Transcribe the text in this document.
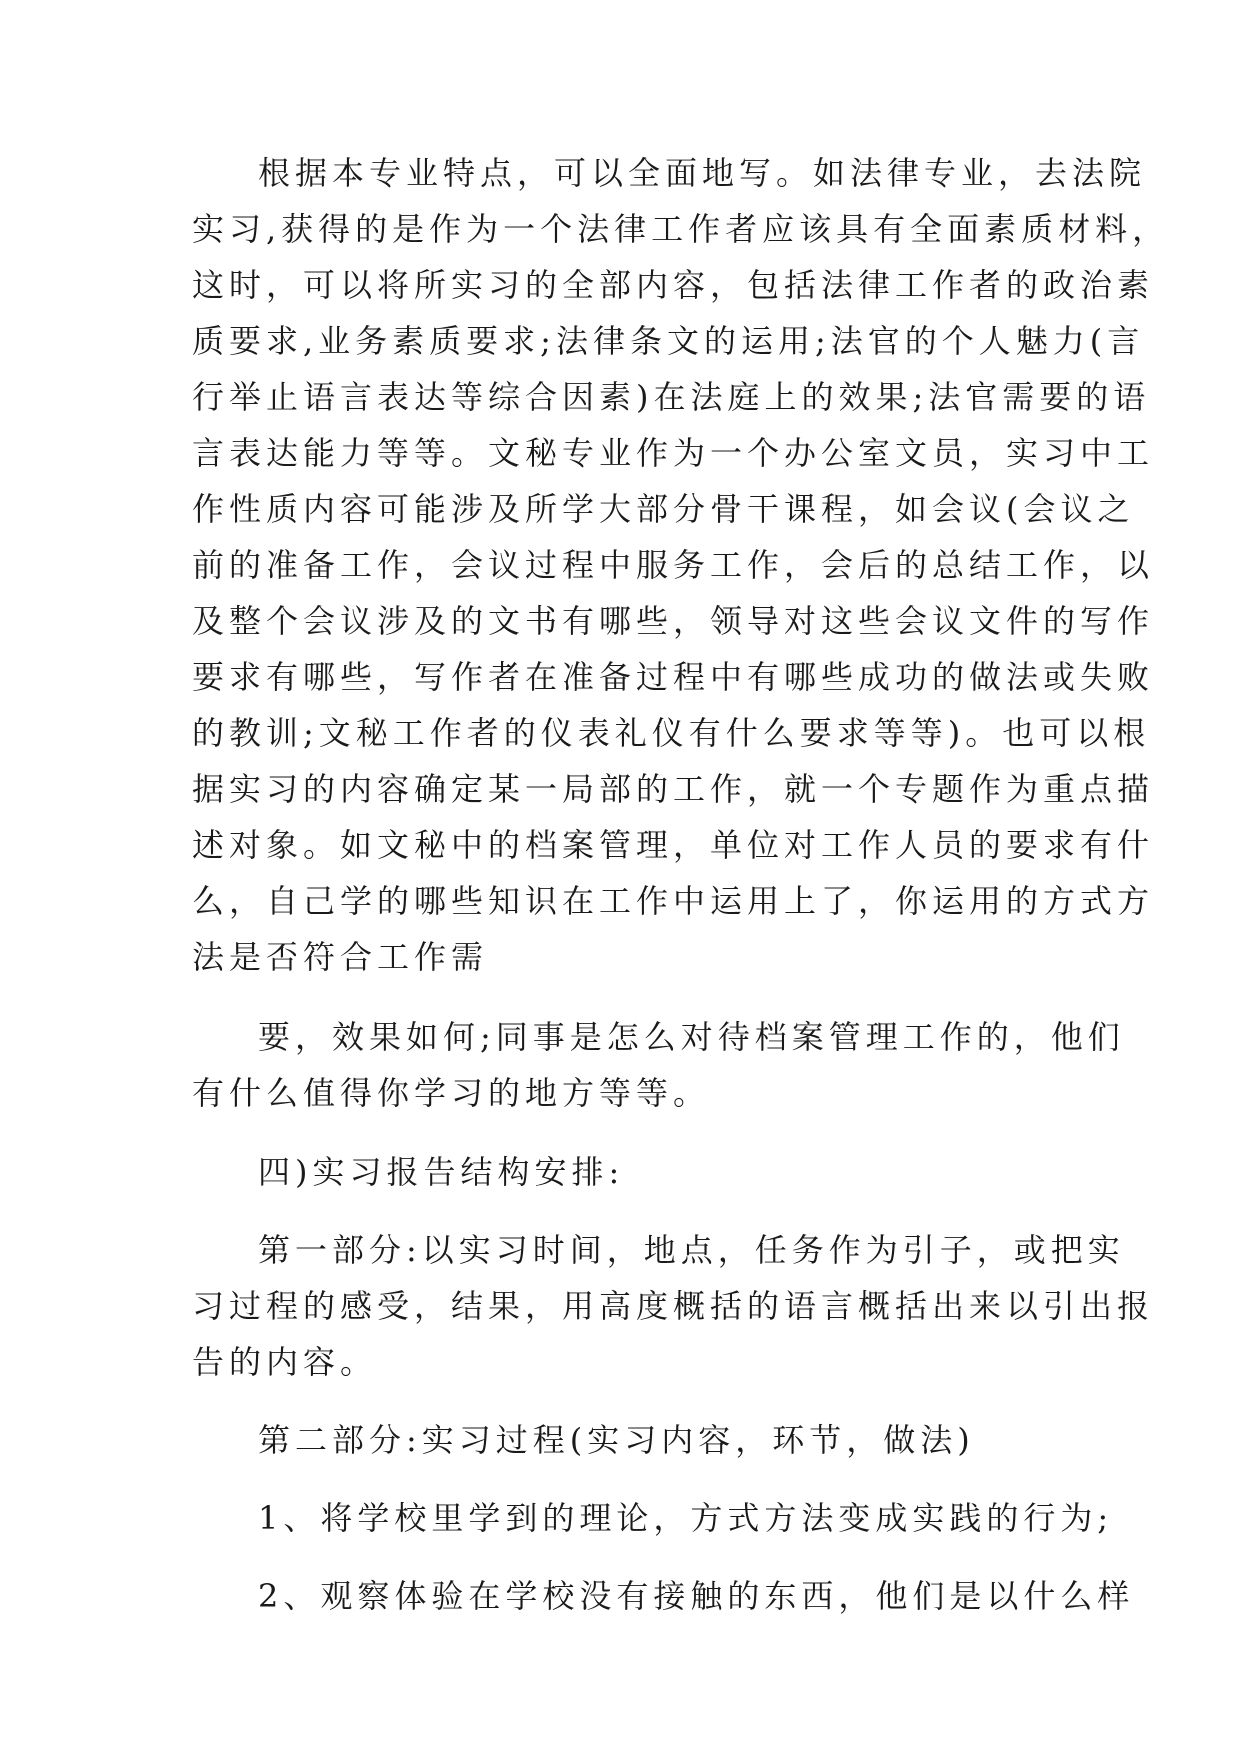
根据本专业特点，可以全面地写。如法律专业，去法院

实习,获得的是作为一个法律工作者应该具有全面素质材料，

这时，可以将所实习的全部内容，包括法律工作者的政治素

质要求,业务素质要求;法律条文的运用;法官的个人魅力(言

行举止语言表达等综合因素)在法庭上的效果;法官需要的语

言表达能力等等。文秘专业作为一个办公室文员，实习中工

作性质内容可能涉及所学大部分骨干课程，如会议(会议之

前的准备工作，会议过程中服务工作，会后的总结工作，以

及整个会议涉及的文书有哪些，领导对这些会议文件的写作

要求有哪些，写作者在准备过程中有哪些成功的做法或失败

的教训;文秘工作者的仪表礼仪有什么要求等等)。也可以根

据实习的内容确定某一局部的工作，就一个专题作为重点描

述对象。如文秘中的档案管理，单位对工作人员的要求有什

么，自己学的哪些知识在工作中运用上了，你运用的方式方

法是否符合工作需

要，效果如何;同事是怎么对待档案管理工作的，他们

有什么值得你学习的地方等等。

四)实习报告结构安排:

第一部分:以实习时间，地点，任务作为引子，或把实

习过程的感受，结果，用高度概括的语言概括出来以引出报

告的内容。

第二部分:实习过程(实习内容，环节，做法)

1、将学校里学到的理论，方式方法变成实践的行为;

2、观察体验在学校没有接触的东西，他们是以什么样
